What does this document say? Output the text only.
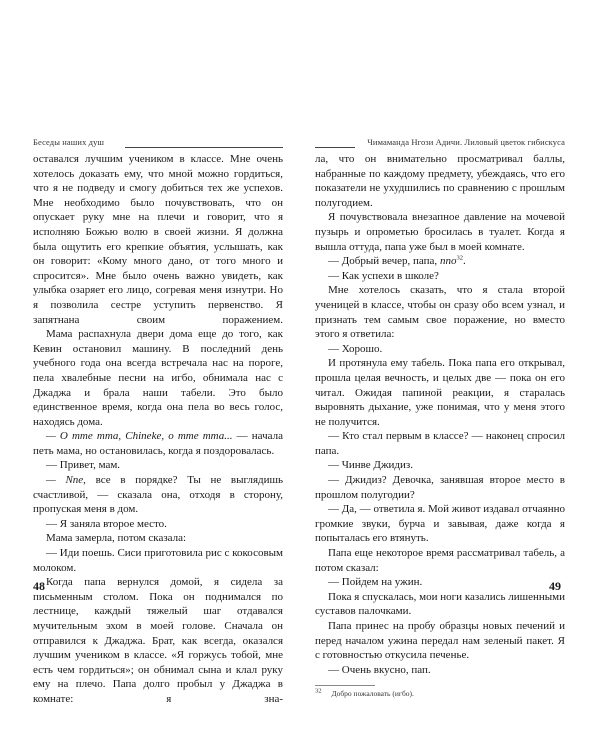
Беседы наших душ

оставался лучшим учеником в классе. Мне очень хотелось доказать ему, что мной можно гордиться, что я не подведу и смогу добиться тех же успехов. Мне необходимо было почувствовать, что он опускает руку мне на плечи и говорит, что я исполняю Божью волю в своей жизни. Я должна была ощутить его крепкие объятия, услышать, как он говорит: «Кому много дано, от того много и спросится». Мне было очень важно увидеть, как улыбка озаряет его лицо, согревая меня изнутри. Но я позволила сестре уступить первенство. Я запятнана своим поражением.

Мама распахнула двери дома еще до того, как Кевин остановил машину. В последний день учебного года она всегда встречала нас на пороге, пела хвалебные песни на игбо, обнимала нас с Джаджа и брала наши табели. Это было единственное время, когда она пела во весь голос, находясь дома.

— О тте тта, Chineke, о тте тта... — начала петь мама, но остановилась, когда я поздоровалась.

— Привет, мам.

— Nne, все в порядке? Ты не выглядишь счастливой, — сказала она, отходя в сторону, пропуская меня в дом.

— Я заняла второе место.

Мама замерла, потом сказала:

— Иди поешь. Сиси приготовила рис с кокосовым молоком.

Когда папа вернулся домой, я сидела за письменным столом. Пока он поднимался по лестнице, каждый тяжелый шаг отдавался мучительным эхом в моей голове. Сначала он отправился к Джаджа. Брат, как всегда, оказался лучшим учеником в классе. «Я горжусь тобой, мне есть чем гордиться»; он обнимал сына и клал руку ему на плечо. Папа долго пробыл у Джаджа в комнате: я зна-

Чимаманда Нгози Адичи. Лиловый цветок гибискуса

ла, что он внимательно просматривал баллы, набранные по каждому предмету, убеждаясь, что его показатели не ухудшились по сравнению с прошлым полугодием.

Я почувствовала внезапное давление на мочевой пузырь и опрометью бросилась в туалет. Когда я вышла оттуда, папа уже был в моей комнате.

— Добрый вечер, папа, nno$^{32}$.

— Как успехи в школе?

Мне хотелось сказать, что я стала второй ученицей в классе, чтобы он сразу обо всем узнал, и признать тем самым свое поражение, но вместо этого я ответила:

— Хорошо.

И протянула ему табель. Пока папа его открывал, прошла целая вечность, и целых две — пока он его читал. Ожидая папиной реакции, я старалась выровнять дыхание, уже понимая, что у меня этого не получится.

— Кто стал первым в классе? — наконец спросил папа.

— Чинве Джидиз.

— Джидиз? Девочка, занявшая второе место в прошлом полугодии?

— Да, — ответила я. Мой живот издавал отчаянно громкие звуки, бурча и завывая, даже когда я попыталась его втянуть.

Папа еще некоторое время рассматривал табель, а потом сказал:

— Пойдем на ужин.

Пока я спускалась, мои ноги казались лишенными суставов палочками.

Папа принес на пробу образцы новых печений и перед началом ужина передал нам зеленый пакет. Я с готовностью откусила печенье.

— Очень вкусно, пап.

$^{32}$ Добро пожаловать (игбо).
48	49
